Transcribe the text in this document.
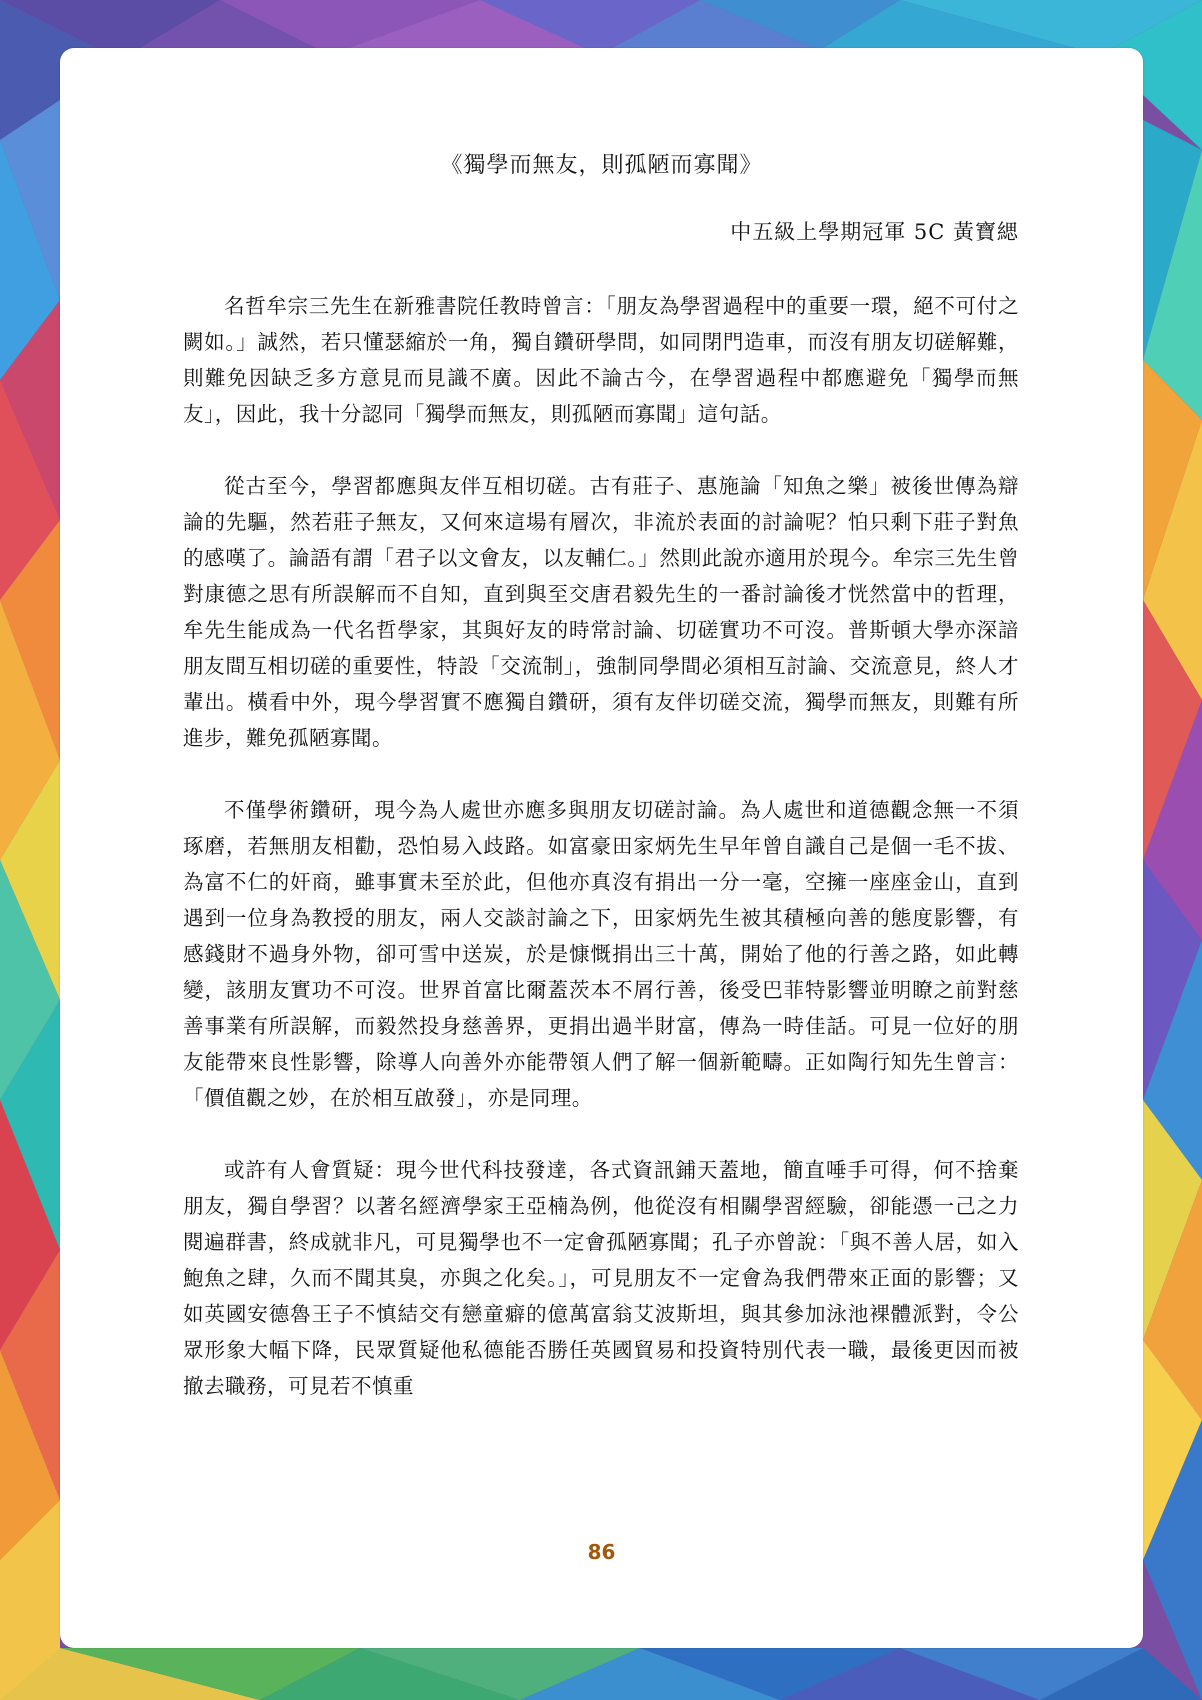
《獨學而無友，則孤陋而寡聞》

中五級上學期冠軍 5C 黃寶緦

名哲牟宗三先生在新雅書院任教時曾言：「朋友為學習過程中的重要一環，絕不可付之闕如。」誠然，若只懂瑟縮於一角，獨自鑽研學問，如同閉門造車，而沒有朋友切磋解難，則難免因缺乏多方意見而見識不廣。因此不論古今，在學習過程中都應避免「獨學而無友」，因此，我十分認同「獨學而無友，則孤陋而寡聞」這句話。

從古至今，學習都應與友伴互相切磋。古有莊子、惠施論「知魚之樂」被後世傳為辯論的先驅，然若莊子無友，又何來這場有層次，非流於表面的討論呢？怕只剩下莊子對魚的感嘆了。論語有謂「君子以文會友，以友輔仁。」然則此說亦適用於現今。牟宗三先生曾對康德之思有所誤解而不自知，直到與至交唐君毅先生的一番討論後才恍然當中的哲理，牟先生能成為一代名哲學家，其與好友的時常討論、切磋實功不可沒。普斯頓大學亦深諳朋友間互相切磋的重要性，特設「交流制」，強制同學間必須相互討論、交流意見，終人才輩出。橫看中外，現今學習實不應獨自鑽研，須有友伴切磋交流，獨學而無友，則難有所進步，難免孤陋寡聞。

不僅學術鑽研，現今為人處世亦應多與朋友切磋討論。為人處世和道德觀念無一不須琢磨，若無朋友相勸，恐怕易入歧路。如富豪田家炳先生早年曾自識自己是個一毛不拔、為富不仁的奸商，雖事實未至於此，但他亦真沒有捐出一分一毫，空擁一座座金山，直到遇到一位身為教授的朋友，兩人交談討論之下，田家炳先生被其積極向善的態度影響，有感錢財不過身外物，卻可雪中送炭，於是慷慨捐出三十萬，開始了他的行善之路，如此轉變，該朋友實功不可沒。世界首富比爾蓋茨本不屑行善，後受巴菲特影響並明瞭之前對慈善事業有所誤解，而毅然投身慈善界，更捐出過半財富，傳為一時佳話。可見一位好的朋友能帶來良性影響，除導人向善外亦能帶領人們了解一個新範疇。正如陶行知先生曾言：「價值觀之妙，在於相互啟發」，亦是同理。

或許有人會質疑：現今世代科技發達，各式資訊鋪天蓋地，簡直唾手可得，何不捨棄朋友，獨自學習？以著名經濟學家王亞楠為例，他從沒有相關學習經驗，卻能憑一己之力閱遍群書，終成就非凡，可見獨學也不一定會孤陋寡聞；孔子亦曾說：「與不善人居，如入鮑魚之肆，久而不聞其臭，亦與之化矣。」，可見朋友不一定會為我們帶來正面的影響；又如英國安德魯王子不慎結交有戀童癖的億萬富翁艾波斯坦，與其參加泳池裸體派對，令公眾形象大幅下降，民眾質疑他私德能否勝任英國貿易和投資特別代表一職，最後更因而被撤去職務，可見若不慎重

86
